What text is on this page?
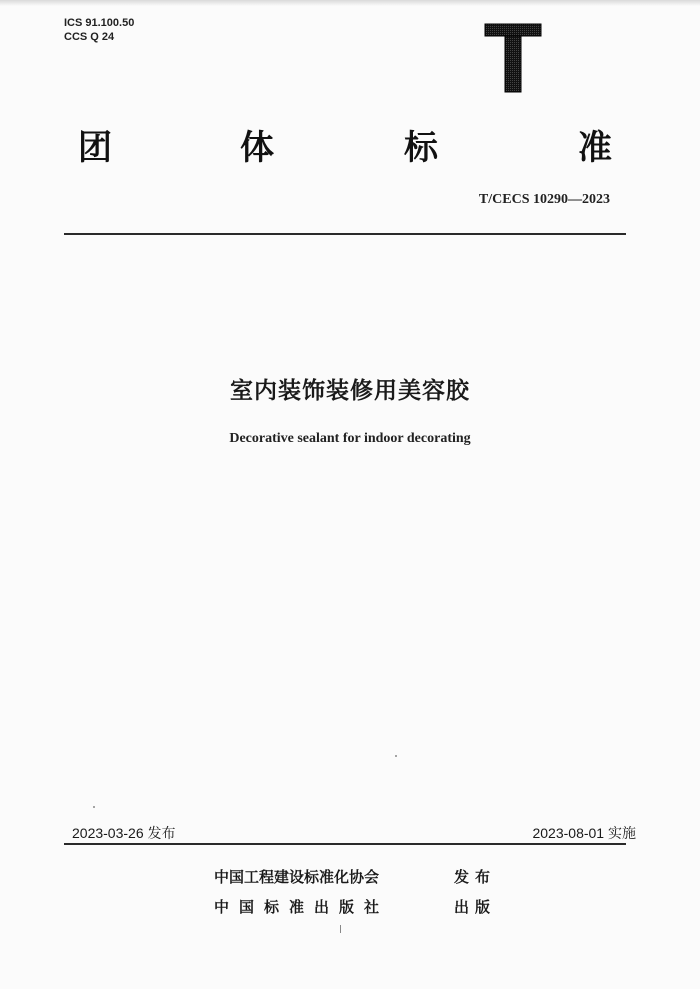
ICS 91.100.50
CCS Q 24
团	体	标	准
T/CECS 10290—2023
室内装饰装修用美容胶
Decorative sealant for indoor decorating
2023-03-26 发布	2023-08-01 实施
中国工程建设标准化协会	发布
中国标准出版社	出版
